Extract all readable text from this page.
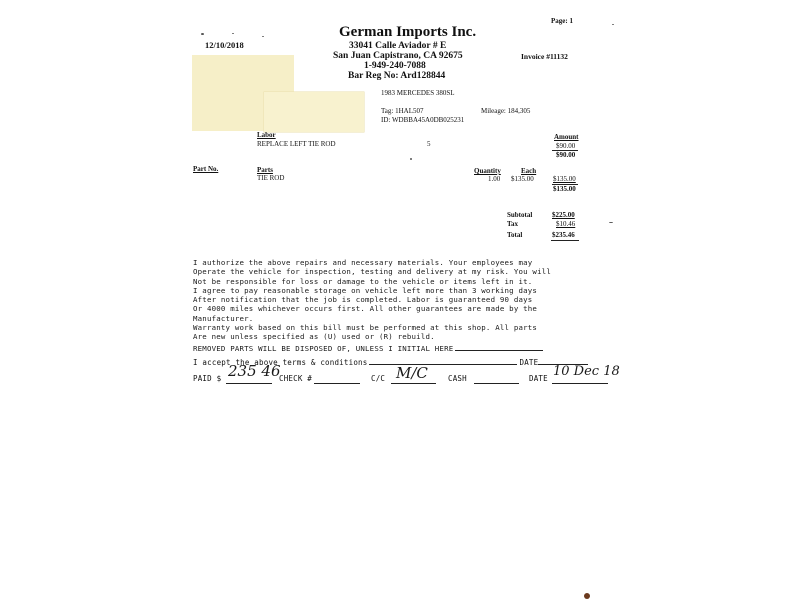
Page: 1
12/10/2018
German Imports Inc.
33041 Calle Aviador # E
San Juan Capistrano, CA 92675
1-949-240-7088
Bar Reg No: Ard128844
Invoice #11132
1983 MERCEDES 380SL
Tag: 1HAL507	Mileage: 184,305
ID: WDBBA45A0DB025231
Labor
REPLACE LEFT TIE ROD	5
Amount
$90.00
$90.00
Part No.	Parts	Quantity	Each
TIE ROD	1.00 $135.00	$135.00
$135.00
Subtotal	$225.00
Tax	$10.46
Total	$235.46
I authorize the above repairs and necessary materials. Your employees may
Operate the vehicle for inspection, testing and delivery at my risk. You will
Not be responsible for loss or damage to the vehicle or items left in it.
I agree to pay reasonable storage on vehicle left more than 3 working days
After notification that the job is completed. Labor is guaranteed 90 days
Or 4000 miles whichever occurs first. All other guarantees are made by the
Manufacturer.
Warranty work based on this bill must be performed at this shop. All parts
Are new unless specified as (U) used or (R) rebuild.
REMOVED PARTS WILL BE DISPOSED OF, UNLESS I INITIAL HERE
I accept the above terms & conditions	DATE
PAID $ 235 46
CHECK #	C/C M/C	CASH	DATE 10 Dec 18
